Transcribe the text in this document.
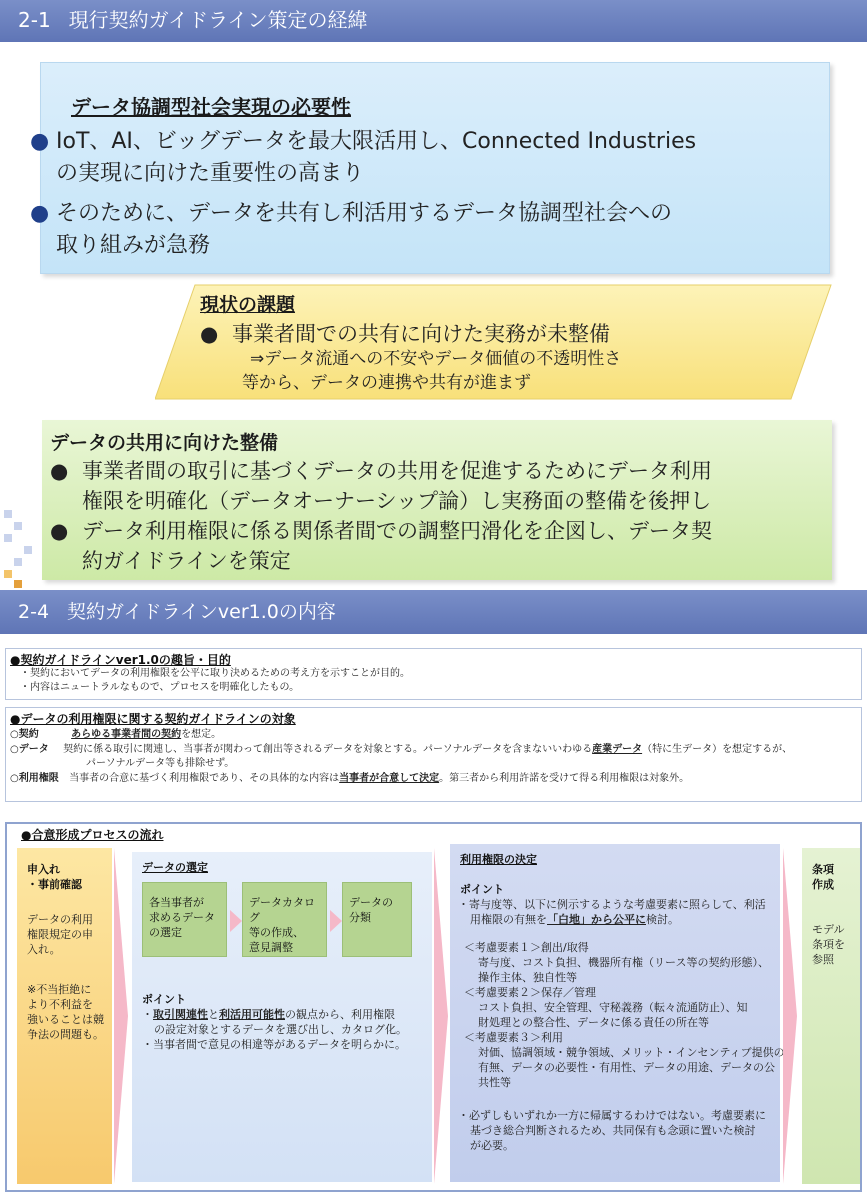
2-1 現行契約ガイドライン策定の経緯
データ協調型社会実現の必要性
● IoT、AI、ビッグデータを最大限活用し、Connected Industries
の実現に向けた重要性の高まり
● そのために、データを共有し利活用するデータ協調型社会への
取り組みが急務
現状の課題
● 事業者間での共有に向けた実務が未整備
⇒データ流通への不安やデータ価値の不透明性さ
等から、データの連携や共有が進まず
データの共用に向けた整備
● 事業者間の取引に基づくデータの共用を促進するためにデータ利用
権限を明確化（データオーナーシップ論）し実務面の整備を後押し
● データ利用権限に係る関係者間での調整円滑化を企図し、データ契
約ガイドラインを策定
2-4 契約ガイドラインver1.0の内容
●契約ガイドラインver1.0の趣旨・目的
・契約においてデータの利用権限を公平に取り決めるための考え方を示すことが目的。
・内容はニュートラルなもので、プロセスを明確化したもの。
●データの利用権限に関する契約ガイドラインの対象
○契約	あらゆる事業者間の契約を想定。
○データ 契約に係る取引に関連し、当事者が関わって創出等されるデータを対象とする。パーソナルデータを含まないいわゆる産業データ（特に生データ）を想定するが、
パーソナルデータ等も排除せず。
○利用権限 当事者の合意に基づく利用権限であり、その具体的な内容は当事者が合意して決定。第三者から利用許諾を受けて得る利用権限は対象外。
●合意形成プロセスの流れ
申入れ
・事前確認
データの利用
権限規定の申
入れ。
※不当拒絶に
より不利益を
強いることは競
争法の問題も。
データの選定
各当事者が
求めるデータ
の選定
データカタログ
等の作成、
意見調整
データの
分類
ポイント
・取引関連性と利活用可能性の観点から、利用権限
の設定対象とするデータを選び出し、カタログ化。
・当事者間で意見の相違等があるデータを明らかに。
利用権限の決定
ポイント
・寄与度等、以下に例示するような考慮要素に照らして、利活
用権限の有無を「白地」から公平に検討。
＜考慮要素１＞創出/取得
寄与度、コスト負担、機器所有権（リース等の契約形態）、
操作主体、独自性等
＜考慮要素２＞保存／管理
コスト負担、安全管理、守秘義務（転々流通防止）、知
財処理との整合性、データに係る責任の所在等
＜考慮要素３＞利用
対価、協調領域・競争領域、メリット・インセンティブ提供の
有無、データの必要性・有用性、データの用途、データの公
共性等
・必ずしもいずれか一方に帰属するわけではない。考慮要素に
基づき総合判断されるため、共同保有も念頭に置いた検討
が必要。
条項
作成
モデル
条項を
参照
